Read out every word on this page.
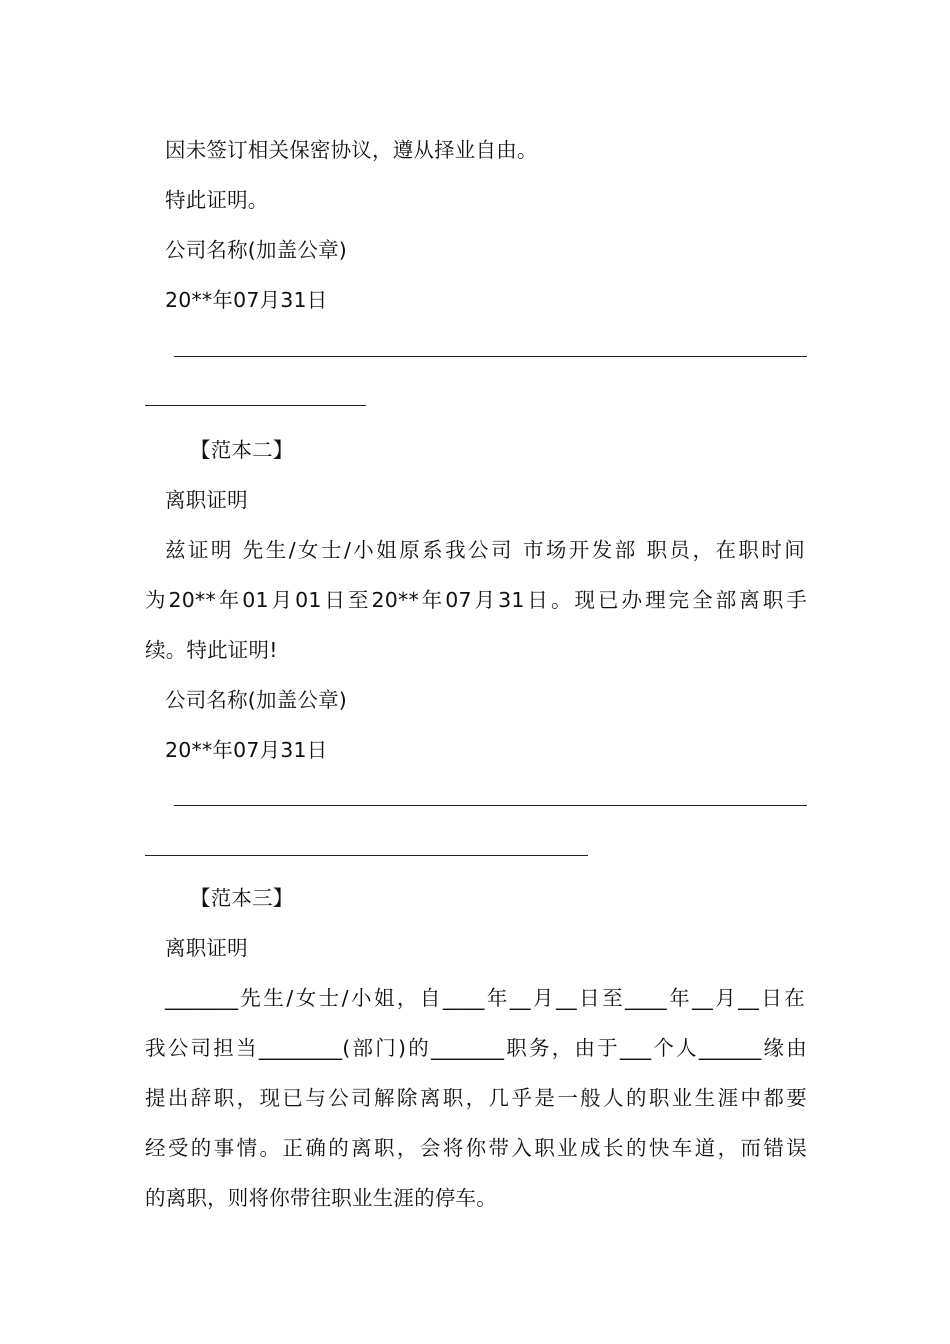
因未签订相关保密协议，遵从择业自由。
特此证明。
公司名称(加盖公章)
20**年07月31日
【范本二】
离职证明
兹证明 先生/女士/小姐原系我公司 市场开发部 职员，在职时间
为20**年01月01日至20**年07月31日。现已办理完全部离职手
续。特此证明!
公司名称(加盖公章)
20**年07月31日
【范本三】
离职证明
_______先生/女士/小姐，自____年__月__日至____年__月__日在
我公司担当________(部门)的_______职务，由于___个人______缘由
提出辞职，现已与公司解除离职，几乎是一般人的职业生涯中都要
经受的事情。正确的离职，会将你带入职业成长的快车道，而错误
的离职，则将你带往职业生涯的停车。
